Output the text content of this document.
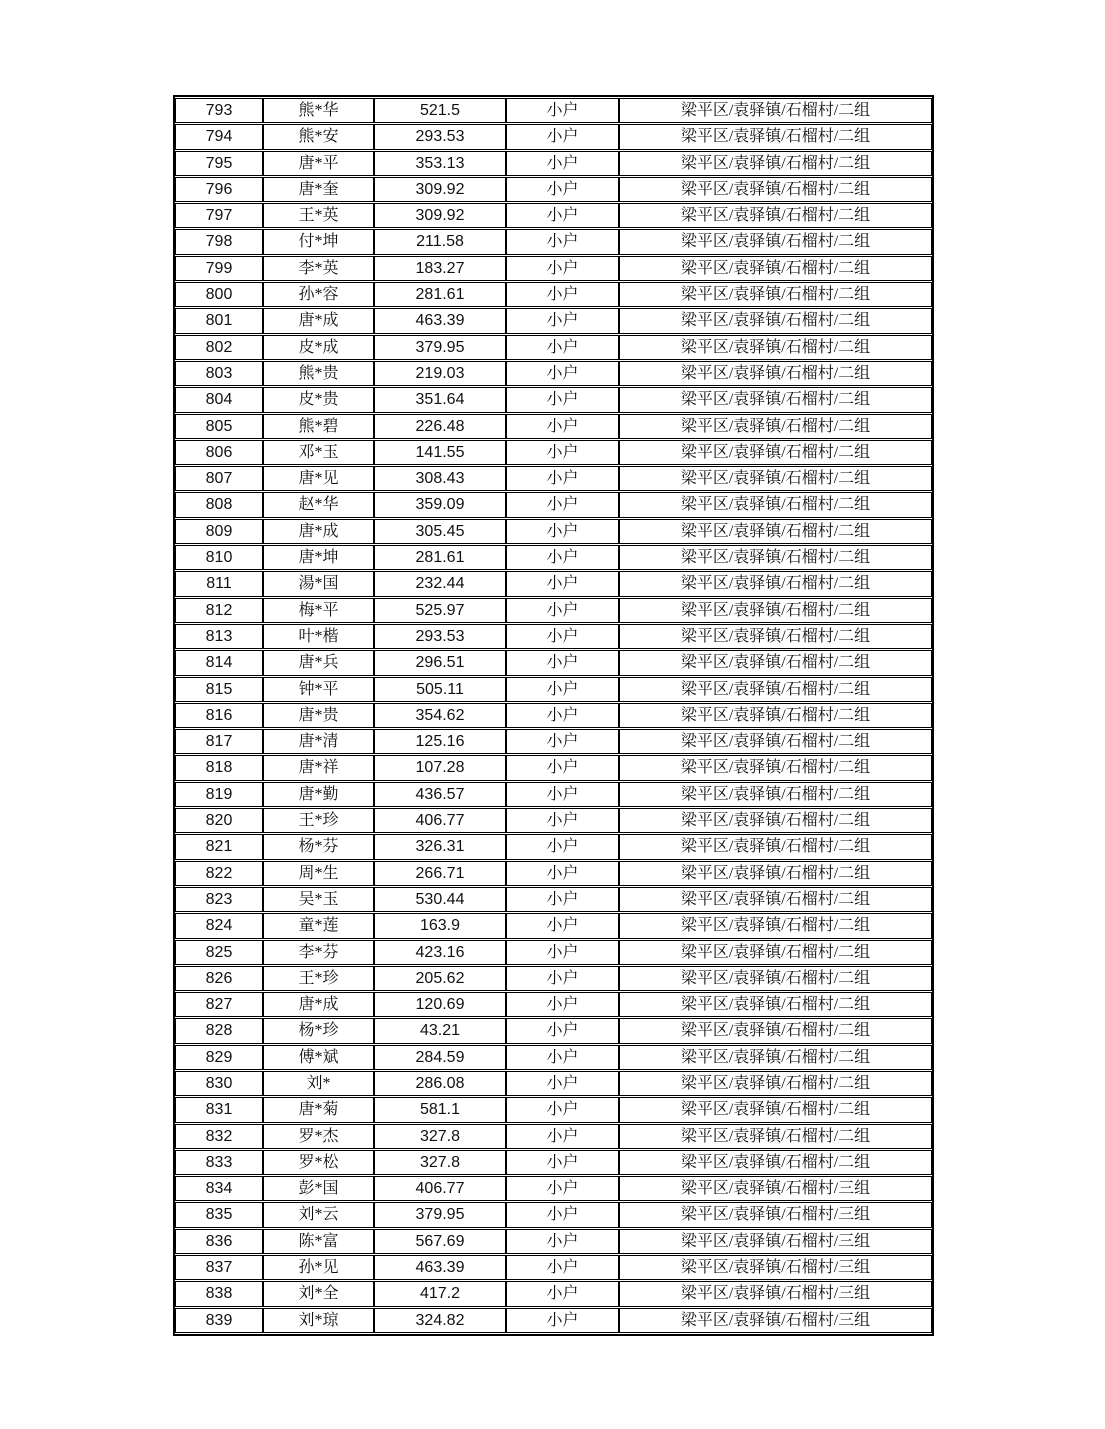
793	熊*华	521.5	小户	梁平区/袁驿镇/石榴村/二组
794	熊*安	293.53	小户	梁平区/袁驿镇/石榴村/二组
795	唐*平	353.13	小户	梁平区/袁驿镇/石榴村/二组
796	唐*奎	309.92	小户	梁平区/袁驿镇/石榴村/二组
797	王*英	309.92	小户	梁平区/袁驿镇/石榴村/二组
798	付*坤	211.58	小户	梁平区/袁驿镇/石榴村/二组
799	李*英	183.27	小户	梁平区/袁驿镇/石榴村/二组
800	孙*容	281.61	小户	梁平区/袁驿镇/石榴村/二组
801	唐*成	463.39	小户	梁平区/袁驿镇/石榴村/二组
802	皮*成	379.95	小户	梁平区/袁驿镇/石榴村/二组
803	熊*贵	219.03	小户	梁平区/袁驿镇/石榴村/二组
804	皮*贵	351.64	小户	梁平区/袁驿镇/石榴村/二组
805	熊*碧	226.48	小户	梁平区/袁驿镇/石榴村/二组
806	邓*玉	141.55	小户	梁平区/袁驿镇/石榴村/二组
807	唐*见	308.43	小户	梁平区/袁驿镇/石榴村/二组
808	赵*华	359.09	小户	梁平区/袁驿镇/石榴村/二组
809	唐*成	305.45	小户	梁平区/袁驿镇/石榴村/二组
810	唐*坤	281.61	小户	梁平区/袁驿镇/石榴村/二组
811	湯*国	232.44	小户	梁平区/袁驿镇/石榴村/二组
812	梅*平	525.97	小户	梁平区/袁驿镇/石榴村/二组
813	叶*楷	293.53	小户	梁平区/袁驿镇/石榴村/二组
814	唐*兵	296.51	小户	梁平区/袁驿镇/石榴村/二组
815	钟*平	505.11	小户	梁平区/袁驿镇/石榴村/二组
816	唐*贵	354.62	小户	梁平区/袁驿镇/石榴村/二组
817	唐*清	125.16	小户	梁平区/袁驿镇/石榴村/二组
818	唐*祥	107.28	小户	梁平区/袁驿镇/石榴村/二组
819	唐*勤	436.57	小户	梁平区/袁驿镇/石榴村/二组
820	王*珍	406.77	小户	梁平区/袁驿镇/石榴村/二组
821	杨*芬	326.31	小户	梁平区/袁驿镇/石榴村/二组
822	周*生	266.71	小户	梁平区/袁驿镇/石榴村/二组
823	吴*玉	530.44	小户	梁平区/袁驿镇/石榴村/二组
824	童*莲	163.9	小户	梁平区/袁驿镇/石榴村/二组
825	李*芬	423.16	小户	梁平区/袁驿镇/石榴村/二组
826	王*珍	205.62	小户	梁平区/袁驿镇/石榴村/二组
827	唐*成	120.69	小户	梁平区/袁驿镇/石榴村/二组
828	杨*珍	43.21	小户	梁平区/袁驿镇/石榴村/二组
829	傅*斌	284.59	小户	梁平区/袁驿镇/石榴村/二组
830	刘*	286.08	小户	梁平区/袁驿镇/石榴村/二组
831	唐*菊	581.1	小户	梁平区/袁驿镇/石榴村/二组
832	罗*杰	327.8	小户	梁平区/袁驿镇/石榴村/二组
833	罗*松	327.8	小户	梁平区/袁驿镇/石榴村/二组
834	彭*国	406.77	小户	梁平区/袁驿镇/石榴村/三组
835	刘*云	379.95	小户	梁平区/袁驿镇/石榴村/三组
836	陈*富	567.69	小户	梁平区/袁驿镇/石榴村/三组
837	孙*见	463.39	小户	梁平区/袁驿镇/石榴村/三组
838	刘*全	417.2	小户	梁平区/袁驿镇/石榴村/三组
839	刘*琼	324.82	小户	梁平区/袁驿镇/石榴村/三组
